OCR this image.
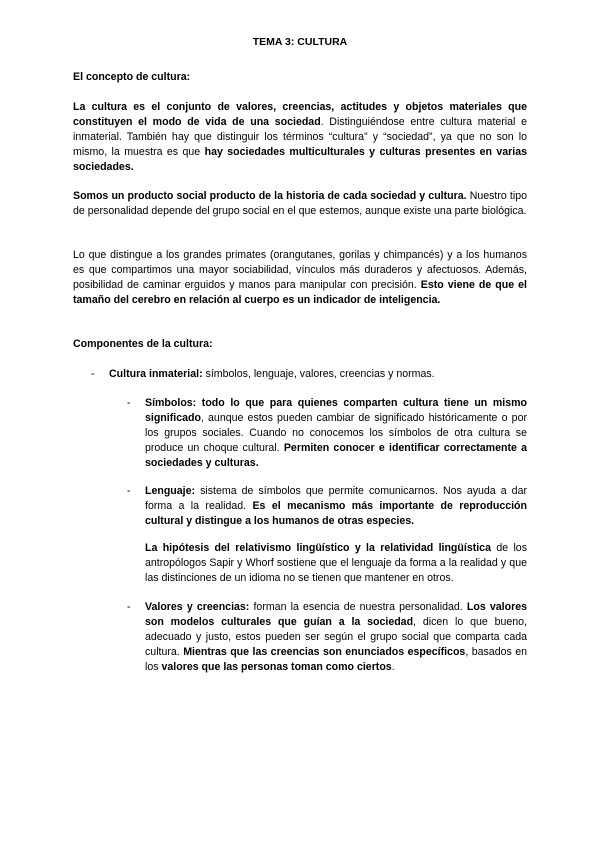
TEMA 3: CULTURA
El concepto de cultura:
La cultura es el conjunto de valores, creencias, actitudes y objetos materiales que constituyen el modo de vida de una sociedad. Distinguiéndose entre cultura material e inmaterial. También hay que distinguir los términos “cultura” y “sociedad”, ya que no son lo mismo, la muestra es que hay sociedades multiculturales y culturas presentes en varias sociedades.
Somos un producto social producto de la historia de cada sociedad y cultura. Nuestro tipo de personalidad depende del grupo social en el que estemos, aunque existe una parte biológica.
Lo que distingue a los grandes primates (orangutanes, gorilas y chimpancés) y a los humanos es que compartimos una mayor sociabilidad, vínculos más duraderos y afectuosos. Además, posibilidad de caminar erguidos y manos para manipular con precisión. Esto viene de que el tamaño del cerebro en relación al cuerpo es un indicador de inteligencia.
Componentes de la cultura:
- Cultura inmaterial: símbolos, lenguaje, valores, creencias y normas.
- Símbolos: todo lo que para quienes comparten cultura tiene un mismo significado, aunque estos pueden cambiar de significado históricamente o por los grupos sociales. Cuando no conocemos los símbolos de otra cultura se produce un choque cultural. Permiten conocer e identificar correctamente a sociedades y culturas.
- Lenguaje: sistema de símbolos que permite comunicarnos. Nos ayuda a dar forma a la realidad. Es el mecanismo más importante de reproducción cultural y distingue a los humanos de otras especies.
La hipótesis del relativismo lingüístico y la relatividad lingüística de los antropólogos Sapir y Whorf sostiene que el lenguaje da forma a la realidad y que las distinciones de un idioma no se tienen que mantener en otros.
- Valores y creencias: forman la esencia de nuestra personalidad. Los valores son modelos culturales que guían a la sociedad, dicen lo que bueno, adecuado y justo, estos pueden ser según el grupo social que comparta cada cultura. Mientras que las creencias son enunciados específicos, basados en los valores que las personas toman como ciertos.
